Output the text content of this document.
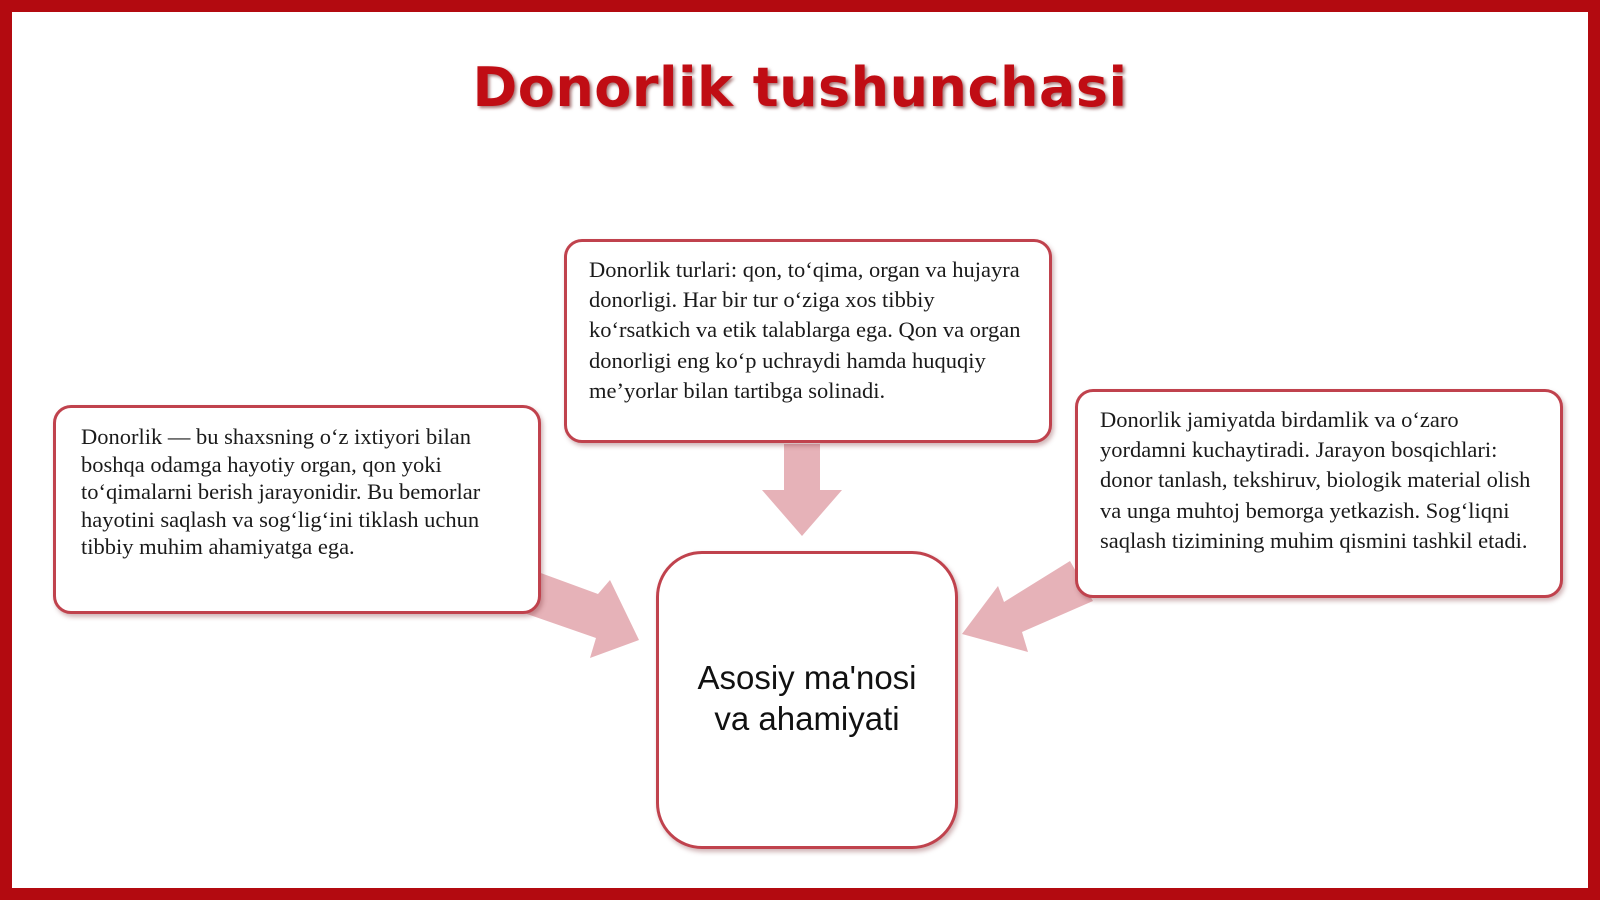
Donorlik tushunchasi
Donorlik — bu shaxsning o‘z ixtiyori bilan boshqa odamga hayotiy organ, qon yoki to‘qimalarni berish jarayonidir. Bu bemorlar hayotini saqlash va sog‘lig‘ini tiklash uchun tibbiy muhim ahamiyatga ega.
Donorlik turlari: qon, to‘qima, organ va hujayra donorligi. Har bir tur o‘ziga xos tibbiy ko‘rsatkich va etik talablarga ega. Qon va organ donorligi eng ko‘p uchraydi hamda huquqiy me’yorlar bilan tartibga solinadi.
Donorlik jamiyatda birdamlik va o‘zaro yordamni kuchaytiradi. Jarayon bosqichlari: donor tanlash, tekshiruv, biologik material olish va unga muhtoj bemorga yetkazish. Sog‘liqni saqlash tizimining muhim qismini tashkil etadi.
Asosiy ma'nosi va ahamiyati
